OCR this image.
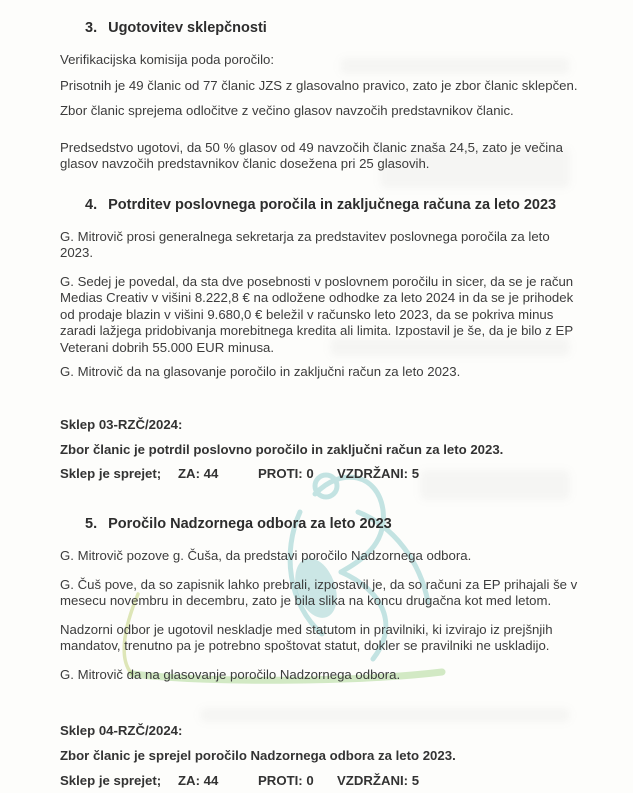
3. Ugotovitev sklepčnosti

Verifikacijska komisija poda poročilo:

Prisotnih je 49 članic od 77 članic JZS z glasovalno pravico, zato je zbor članic sklepčen.

Zbor članic sprejema odločitve z večino glasov navzočih predstavnikov članic.

Predsedstvo ugotovi, da 50 % glasov od 49 navzočih članic znaša 24,5, zato je večina glasov navzočih predstavnikov članic dosežena pri 25 glasovih.

4. Potrditev poslovnega poročila in zaključnega računa za leto 2023

G. Mitrovič prosi generalnega sekretarja za predstavitev poslovnega poročila za leto 2023.

G. Sedej je povedal, da sta dve posebnosti v poslovnem poročilu in sicer, da se je račun Medias Creativ v višini 8.222,8 € na odložene odhodke za leto 2024 in da se je prihodek od prodaje blazin v višini 9.680,0 € beležil v računsko leto 2023, da se pokriva minus zaradi lažjega pridobivanja morebitnega kredita ali limita. Izpostavil je še, da je bilo z EP Veterani dobrih 55.000 EUR minusa.

G. Mitrovič da na glasovanje poročilo in zaključni račun za leto 2023.

Sklep 03-RZČ/2024:

Zbor članic je potrdil poslovno poročilo in zaključni račun za leto 2023.

Sklep je sprejet; ZA: 44	PROTI: 0 VZDRŽANI: 5

5. Poročilo Nadzornega odbora za leto 2023

G. Mitrovič pozove g. Čuša, da predstavi poročilo Nadzornega odbora.

G. Čuš pove, da so zapisnik lahko prebrali, izpostavil je, da so računi za EP prihajali še v mesecu novembru in decembru, zato je bila slika na koncu drugačna kot med letom.

Nadzorni odbor je ugotovil neskladje med statutom in pravilniki, ki izvirajo iz prejšnjih mandatov, trenutno pa je potrebno spoštovat statut, dokler se pravilniki ne uskladijo.

G. Mitrovič da na glasovanje poročilo Nadzornega odbora.

Sklep 04-RZČ/2024:

Zbor članic je sprejel poročilo Nadzornega odbora za leto 2023.

Sklep je sprejet; ZA: 44	PROTI: 0 VZDRŽANI: 5
